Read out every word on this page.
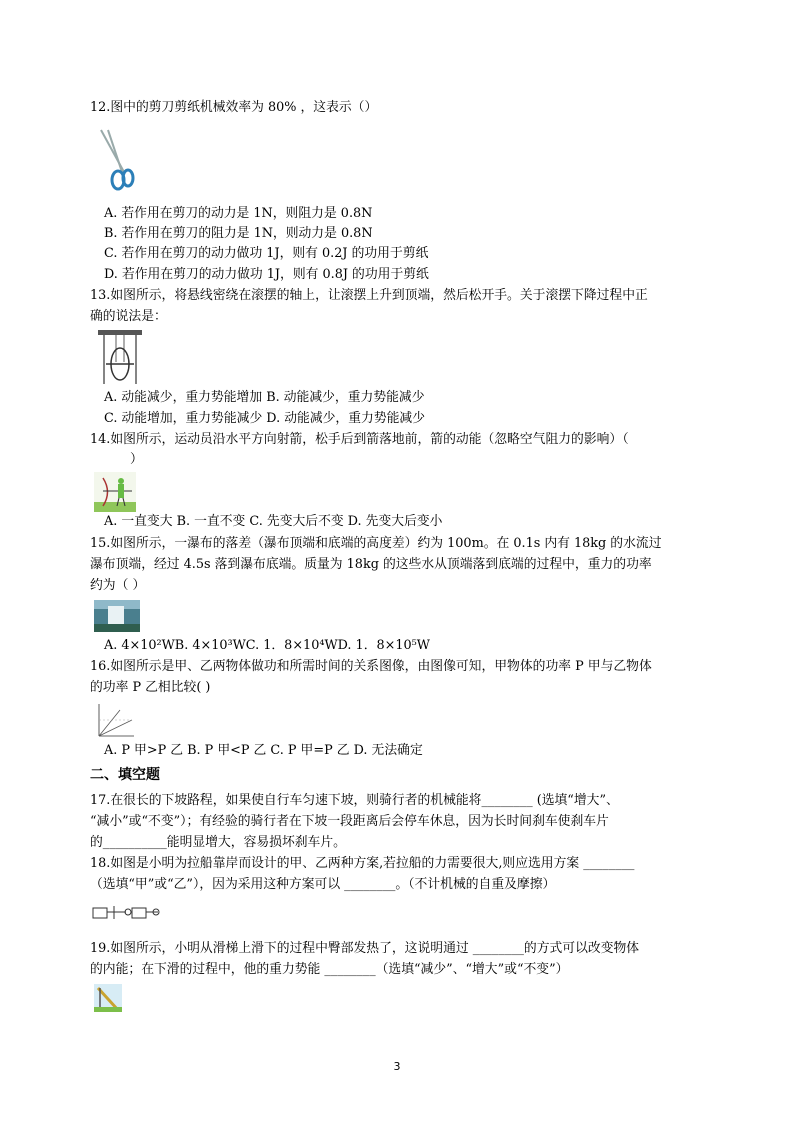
12.图中的剪刀剪纸机械效率为 80% ，这表示（）
A. 若作用在剪刀的动力是 1N，则阻力是 0.8N
B. 若作用在剪刀的阻力是 1N，则动力是 0.8N
C. 若作用在剪刀的动力做功 1J，则有 0.2J 的功用于剪纸
D. 若作用在剪刀的动力做功 1J，则有 0.8J 的功用于剪纸
13.如图所示，将悬线密绕在滚摆的轴上，让滚摆上升到顶端，然后松开手。关于滚摆下降过程中正
确的说法是：
A. 动能减少，重力势能增加 B. 动能减少，重力势能减少
C. 动能增加，重力势能减少 D. 动能减少，重力势能减少
14.如图所示，运动员沿水平方向射箭，松手后到箭落地前，箭的动能（忽略空气阻力的影响）（
）
A. 一直变大 B. 一直不变 C. 先变大后不变 D. 先变大后变小
15.如图所示，一瀑布的落差（瀑布顶端和底端的高度差）约为 100m。在 0.1s 内有 18kg 的水流过
瀑布顶端，经过 4.5s 落到瀑布底端。质量为 18kg 的这些水从顶端落到底端的过程中，重力的功率
约为（ ）
A. 4×10²WB. 4×10³WC. 1．8×10⁴WD. 1．8×10⁵W
16.如图所示是甲、乙两物体做功和所需时间的关系图像，由图像可知，甲物体的功率 P 甲与乙物体
的功率 P 乙相比较( )
A. P 甲>P 乙 B. P 甲<P 乙 C. P 甲=P 乙 D. 无法确定
二、填空题
17.在很长的下坡路程，如果使自行车匀速下坡，则骑行者的机械能将________ (选填“增大”、
“减小”或“不变”）；有经验的骑行者在下坡一段距离后会停车休息，因为长时间刹车使刹车片
的__________能明显增大，容易损坏刹车片。
18.如图是小明为拉船靠岸而设计的甲、乙两种方案,若拉船的力需要很大,则应选用方案 ________
（选填“甲”或“乙”），因为采用这种方案可以 ________。（不计机械的自重及摩擦）
19.如图所示，小明从滑梯上滑下的过程中臀部发热了，这说明通过 ________的方式可以改变物体
的内能；在下滑的过程中，他的重力势能 ________（选填“减少”、“增大”或“不变”）
3
